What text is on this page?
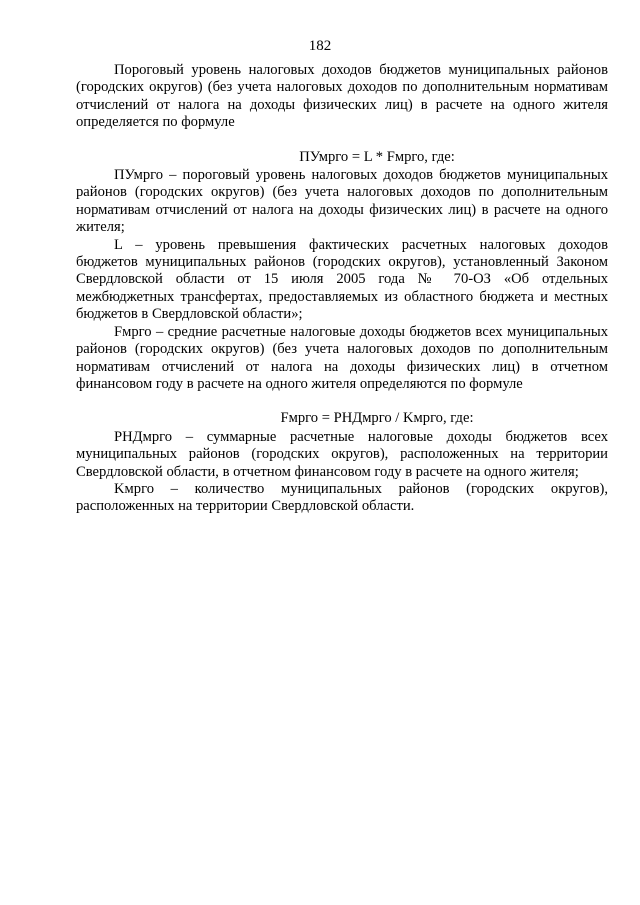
182

Пороговый уровень налоговых доходов бюджетов муниципальных районов (городских округов) (без учета налоговых доходов по дополнительным нормативам отчислений от налога на доходы физических лиц) в расчете на одного жителя определяется по формуле

ПУмрго = L * Fмрго, где:

ПУмрго – пороговый уровень налоговых доходов бюджетов муниципальных районов (городских округов) (без учета налоговых доходов по дополнительным нормативам отчислений от налога на доходы физических лиц) в расчете на одного жителя;

L – уровень превышения фактических расчетных налоговых доходов бюджетов муниципальных районов (городских округов), установленный Законом Свердловской области от 15 июля 2005 года № 70-ОЗ «Об отдельных межбюджетных трансфертах, предоставляемых из областного бюджета и местных бюджетов в Свердловской области»;

Fмрго – средние расчетные налоговые доходы бюджетов всех муниципальных районов (городских округов) (без учета налоговых доходов по дополнительным нормативам отчислений от налога на доходы физических лиц) в отчетном финансовом году в расчете на одного жителя определяются по формуле

Fмрго = РНДмрго / Kмрго, где:

РНДмрго – суммарные расчетные налоговые доходы бюджетов всех муниципальных районов (городских округов), расположенных на территории Свердловской области, в отчетном финансовом году в расчете на одного жителя;

Kмрго – количество муниципальных районов (городских округов), расположенных на территории Свердловской области.
